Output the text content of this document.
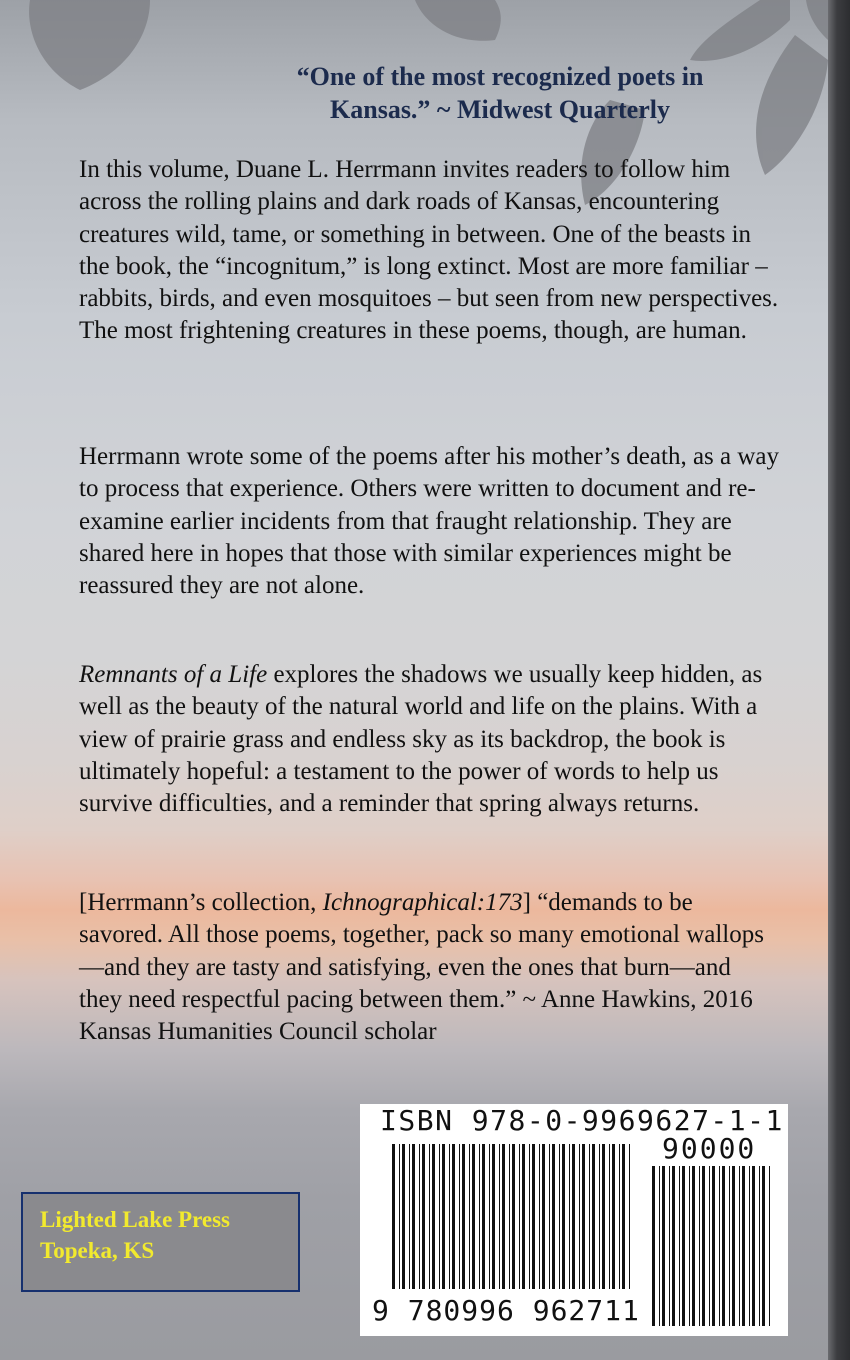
“One of the most recognized poets in
Kansas.” ~ Midwest Quarterly

In this volume, Duane L. Herrmann invites readers to follow him across the rolling plains and dark roads of Kansas, encountering creatures wild, tame, or something in between. One of the beasts in the book, the “incognitum,” is long extinct. Most are more familiar – rabbits, birds, and even mosquitoes – but seen from new perspectives. The most frightening creatures in these poems, though, are human.

Herrmann wrote some of the poems after his mother’s death, as a way to process that experience. Others were written to document and re-examine earlier incidents from that fraught relationship. They are shared here in hopes that those with similar experiences might be reassured they are not alone.

Remnants of a Life explores the shadows we usually keep hidden, as well as the beauty of the natural world and life on the plains. With a view of prairie grass and endless sky as its backdrop, the book is ultimately hopeful: a testament to the power of words to help us survive difficulties, and a reminder that spring always returns.

[Herrmann’s collection, Ichnographical:173] “demands to be savored. All those poems, together, pack so many emotional wallops—and they are tasty and satisfying, even the ones that burn—and they need respectful pacing between them.” ~ Anne Hawkins, 2016 Kansas Humanities Council scholar

ISBN 978-0-9969627-1-1
90000
9 780996 962711
Lighted Lake Press
Topeka, KS
